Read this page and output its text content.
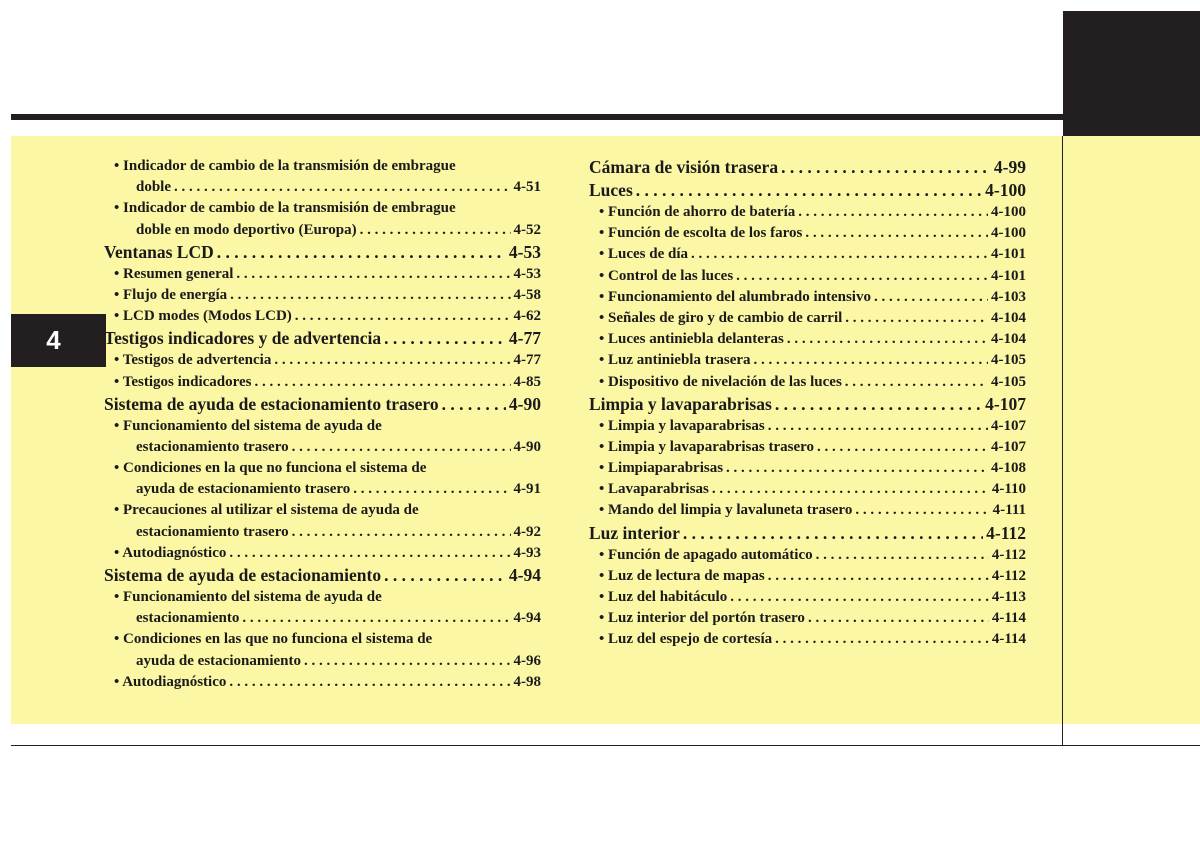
4
• Indicador de cambio de la transmisión de embrague
doble . . .	4-51
• Indicador de cambio de la transmisión de embrague
doble en modo deportivo (Europa) . . .	4-52
Ventanas LCD . . .	4-53
• Resumen general . . .	4-53
• Flujo de energía . . .	4-58
• LCD modes (Modos LCD) . . .	4-62
Testigos indicadores y de advertencia . . .	4-77
• Testigos de advertencia . . .	4-77
• Testigos indicadores . . .	4-85
Sistema de ayuda de estacionamiento trasero . . .	4-90
• Funcionamiento del sistema de ayuda de
estacionamiento trasero . . .	4-90
• Condiciones en la que no funciona el sistema de
ayuda de estacionamiento trasero . . .	4-91
• Precauciones al utilizar el sistema de ayuda de
estacionamiento trasero . . .	4-92
• Autodiagnóstico . . .	4-93
Sistema de ayuda de estacionamiento . . .	4-94
• Funcionamiento del sistema de ayuda de
estacionamiento . . .	4-94
• Condiciones en las que no funciona el sistema de
ayuda de estacionamiento . . .	4-96
• Autodiagnóstico . . .	4-98
Cámara de visión trasera . . .	4-99
Luces . . .	4-100
• Función de ahorro de batería . . .	4-100
• Función de escolta de los faros . . .	4-100
• Luces de día . . .	4-101
• Control de las luces . . .	4-101
• Funcionamiento del alumbrado intensivo . . .	4-103
• Señales de giro y de cambio de carril . . .	4-104
• Luces antiniebla delanteras . . .	4-104
• Luz antiniebla trasera . . .	4-105
• Dispositivo de nivelación de las luces . . .	4-105
Limpia y lavaparabrisas . . .	4-107
• Limpia y lavaparabrisas . . .	4-107
• Limpia y lavaparabrisas trasero . . .	4-107
• Limpiaparabrisas . . .	4-108
• Lavaparabrisas . . .	4-110
• Mando del limpia y lavaluneta trasero . . .	4-111
Luz interior . . .	4-112
• Función de apagado automático . . .	4-112
• Luz de lectura de mapas . . .	4-112
• Luz del habitáculo . . .	4-113
• Luz interior del portón trasero . . .	4-114
• Luz del espejo de cortesía . . .	4-114
